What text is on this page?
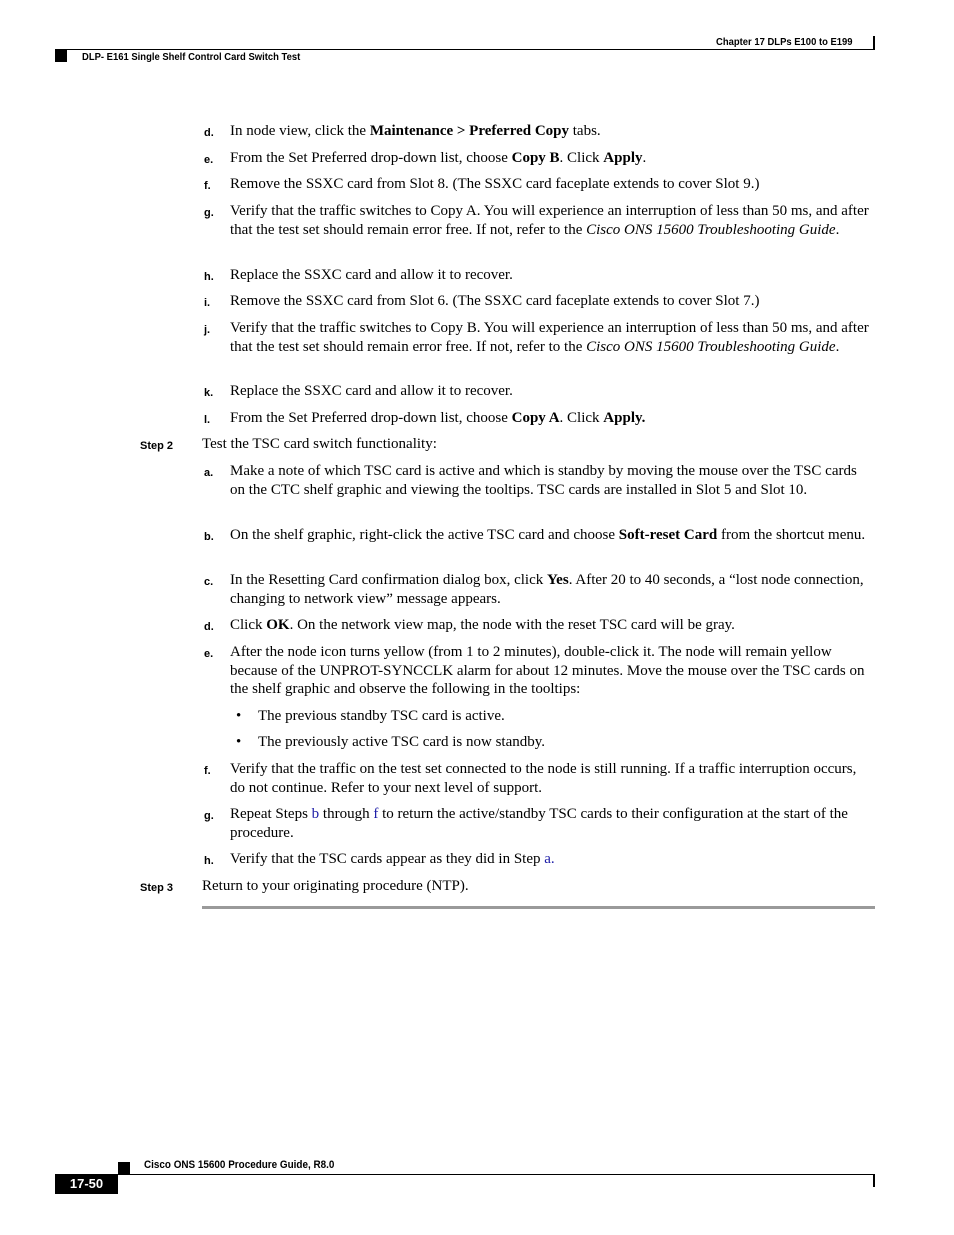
Chapter 17 DLPs E100 to E199
DLP- E161 Single Shelf Control Card Switch Test
d. In node view, click the Maintenance > Preferred Copy tabs.
e. From the Set Preferred drop-down list, choose Copy B. Click Apply.
f. Remove the SSXC card from Slot 8. (The SSXC card faceplate extends to cover Slot 9.)
g. Verify that the traffic switches to Copy A. You will experience an interruption of less than 50 ms, and after that the test set should remain error free. If not, refer to the Cisco ONS 15600 Troubleshooting Guide.
h. Replace the SSXC card and allow it to recover.
i. Remove the SSXC card from Slot 6. (The SSXC card faceplate extends to cover Slot 7.)
j. Verify that the traffic switches to Copy B. You will experience an interruption of less than 50 ms, and after that the test set should remain error free. If not, refer to the Cisco ONS 15600 Troubleshooting Guide.
k. Replace the SSXC card and allow it to recover.
l. From the Set Preferred drop-down list, choose Copy A. Click Apply.
Step 2 Test the TSC card switch functionality:
a. Make a note of which TSC card is active and which is standby by moving the mouse over the TSC cards on the CTC shelf graphic and viewing the tooltips. TSC cards are installed in Slot 5 and Slot 10.
b. On the shelf graphic, right-click the active TSC card and choose Soft-reset Card from the shortcut menu.
c. In the Resetting Card confirmation dialog box, click Yes. After 20 to 40 seconds, a “lost node connection, changing to network view” message appears.
d. Click OK. On the network view map, the node with the reset TSC card will be gray.
e. After the node icon turns yellow (from 1 to 2 minutes), double-click it. The node will remain yellow because of the UNPROT-SYNCCLK alarm for about 12 minutes. Move the mouse over the TSC cards on the shelf graphic and observe the following in the tooltips:
• The previous standby TSC card is active.
• The previously active TSC card is now standby.
f. Verify that the traffic on the test set connected to the node is still running. If a traffic interruption occurs, do not continue. Refer to your next level of support.
g. Repeat Steps b through f to return the active/standby TSC cards to their configuration at the start of the procedure.
h. Verify that the TSC cards appear as they did in Step a.
Step 3 Return to your originating procedure (NTP).
Cisco ONS 15600 Procedure Guide, R8.0
17-50
